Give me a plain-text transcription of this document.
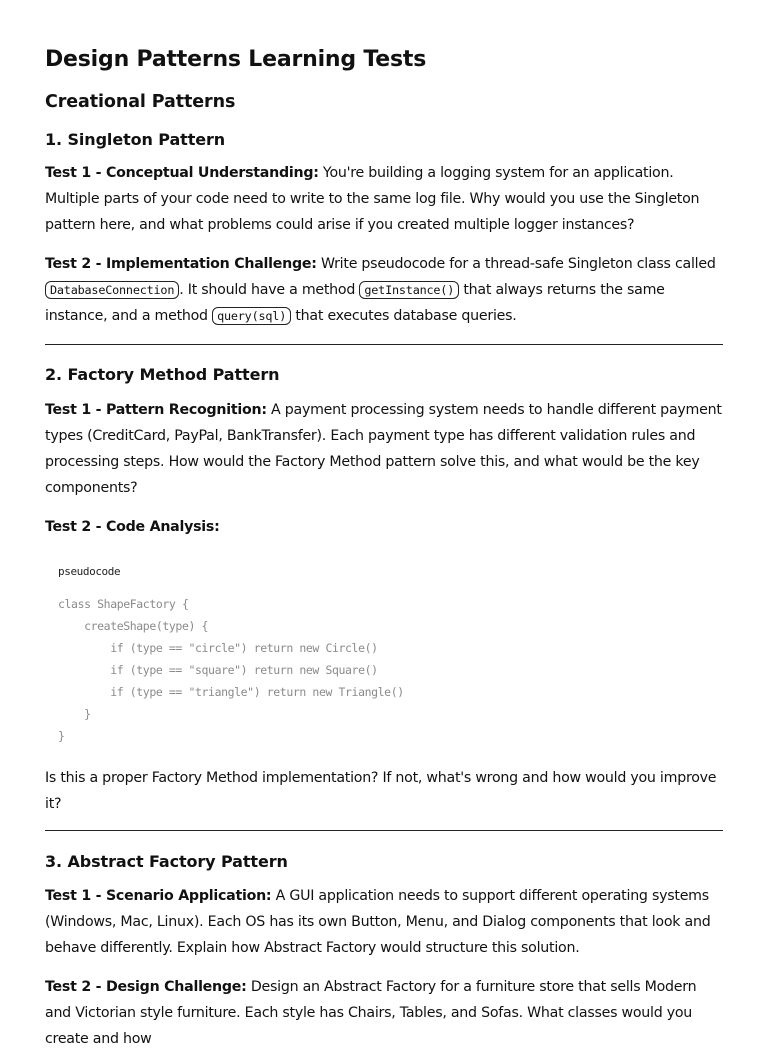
Design Patterns Learning Tests
Creational Patterns
1. Singleton Pattern

Test 1 - Conceptual Understanding: You're building a logging system for an application. Multiple parts of your code need to write to the same log file. Why would you use the Singleton pattern here, and what problems could arise if you created multiple logger instances?

Test 2 - Implementation Challenge: Write pseudocode for a thread-safe Singleton class called DatabaseConnection . It should have a method getInstance() that always returns the same instance, and a method query(sql) that executes database queries.

2. Factory Method Pattern

Test 1 - Pattern Recognition: A payment processing system needs to handle different payment types (CreditCard, PayPal, BankTransfer). Each payment type has different validation rules and processing steps. How would the Factory Method pattern solve this, and what would be the key components?

Test 2 - Code Analysis:

pseudocode
class ShapeFactory {
createShape(type) {
if (type == "circle") return new Circle()
if (type == "square") return new Square()
if (type == "triangle") return new Triangle()
}
}

Is this a proper Factory Method implementation? If not, what's wrong and how would you improve it?

3. Abstract Factory Pattern

Test 1 - Scenario Application: A GUI application needs to support different operating systems (Windows, Mac, Linux). Each OS has its own Button, Menu, and Dialog components that look and behave differently. Explain how Abstract Factory would structure this solution.

Test 2 - Design Challenge: Design an Abstract Factory for a furniture store that sells Modern and Victorian style furniture. Each style has Chairs, Tables, and Sofas. What classes would you create and how
